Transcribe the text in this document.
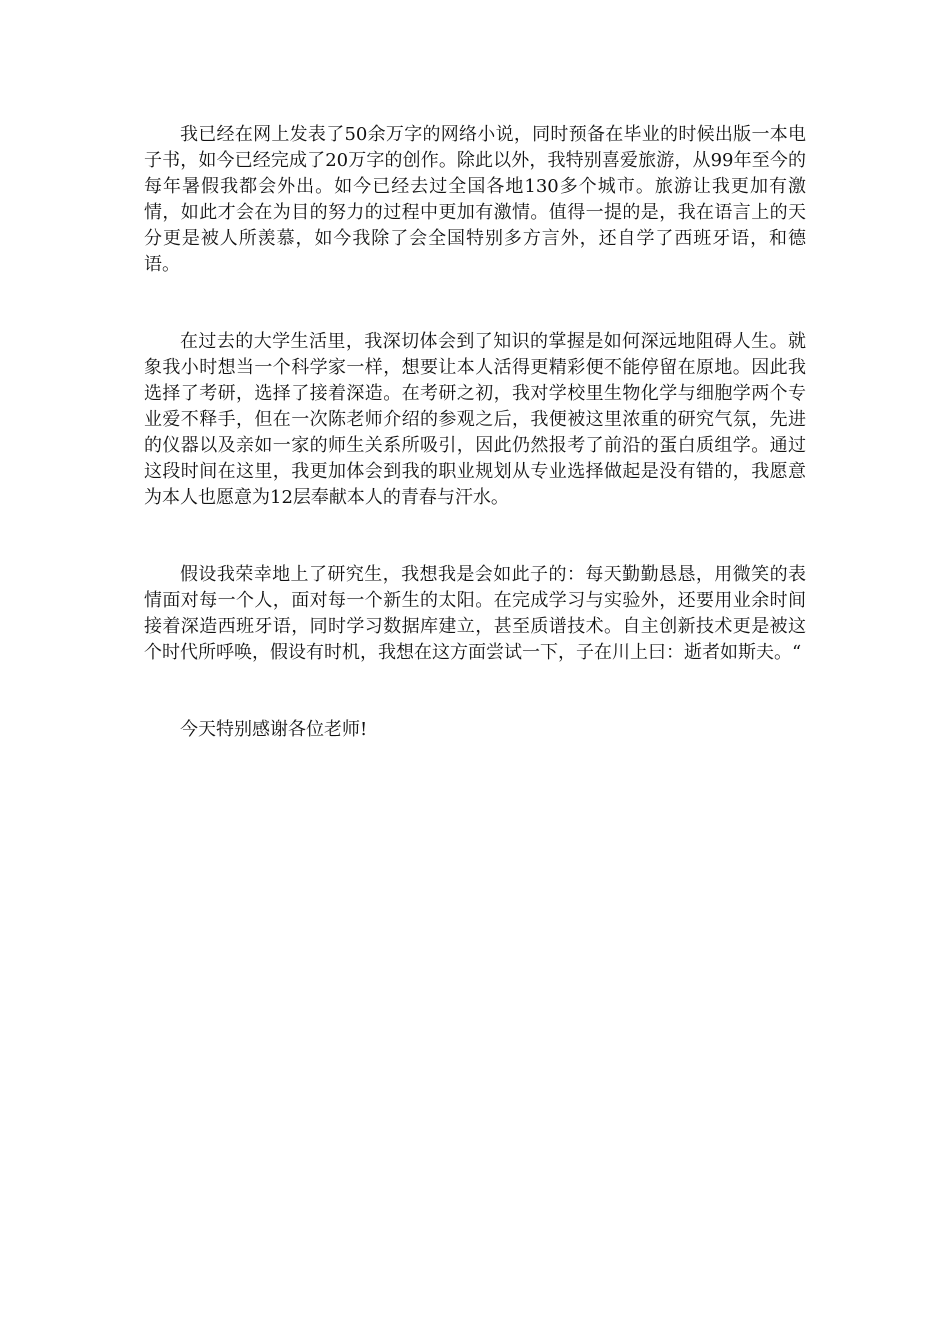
我已经在网上发表了50余万字的网络小说，同时预备在毕业的时候出版一本电子书，如今已经完成了20万字的创作。除此以外，我特别喜爱旅游，从99年至今的每年暑假我都会外出。如今已经去过全国各地130多个城市。旅游让我更加有激情，如此才会在为目的努力的过程中更加有激情。值得一提的是，我在语言上的天分更是被人所羡慕，如今我除了会全国特别多方言外，还自学了西班牙语，和德语。

在过去的大学生活里，我深切体会到了知识的掌握是如何深远地阻碍人生。就象我小时想当一个科学家一样，想要让本人活得更精彩便不能停留在原地。因此我选择了考研，选择了接着深造。在考研之初，我对学校里生物化学与细胞学两个专业爱不释手，但在一次陈老师介绍的参观之后，我便被这里浓重的研究气氛，先进的仪器以及亲如一家的师生关系所吸引，因此仍然报考了前沿的蛋白质组学。通过这段时间在这里，我更加体会到我的职业规划从专业选择做起是没有错的，我愿意为本人也愿意为12层奉献本人的青春与汗水。

假设我荣幸地上了研究生，我想我是会如此子的：每天勤勤恳恳，用微笑的表情面对每一个人，面对每一个新生的太阳。在完成学习与实验外，还要用业余时间接着深造西班牙语，同时学习数据库建立，甚至质谱技术。自主创新技术更是被这个时代所呼唤，假设有时机，我想在这方面尝试一下，子在川上曰：逝者如斯夫。“

今天特别感谢各位老师!
